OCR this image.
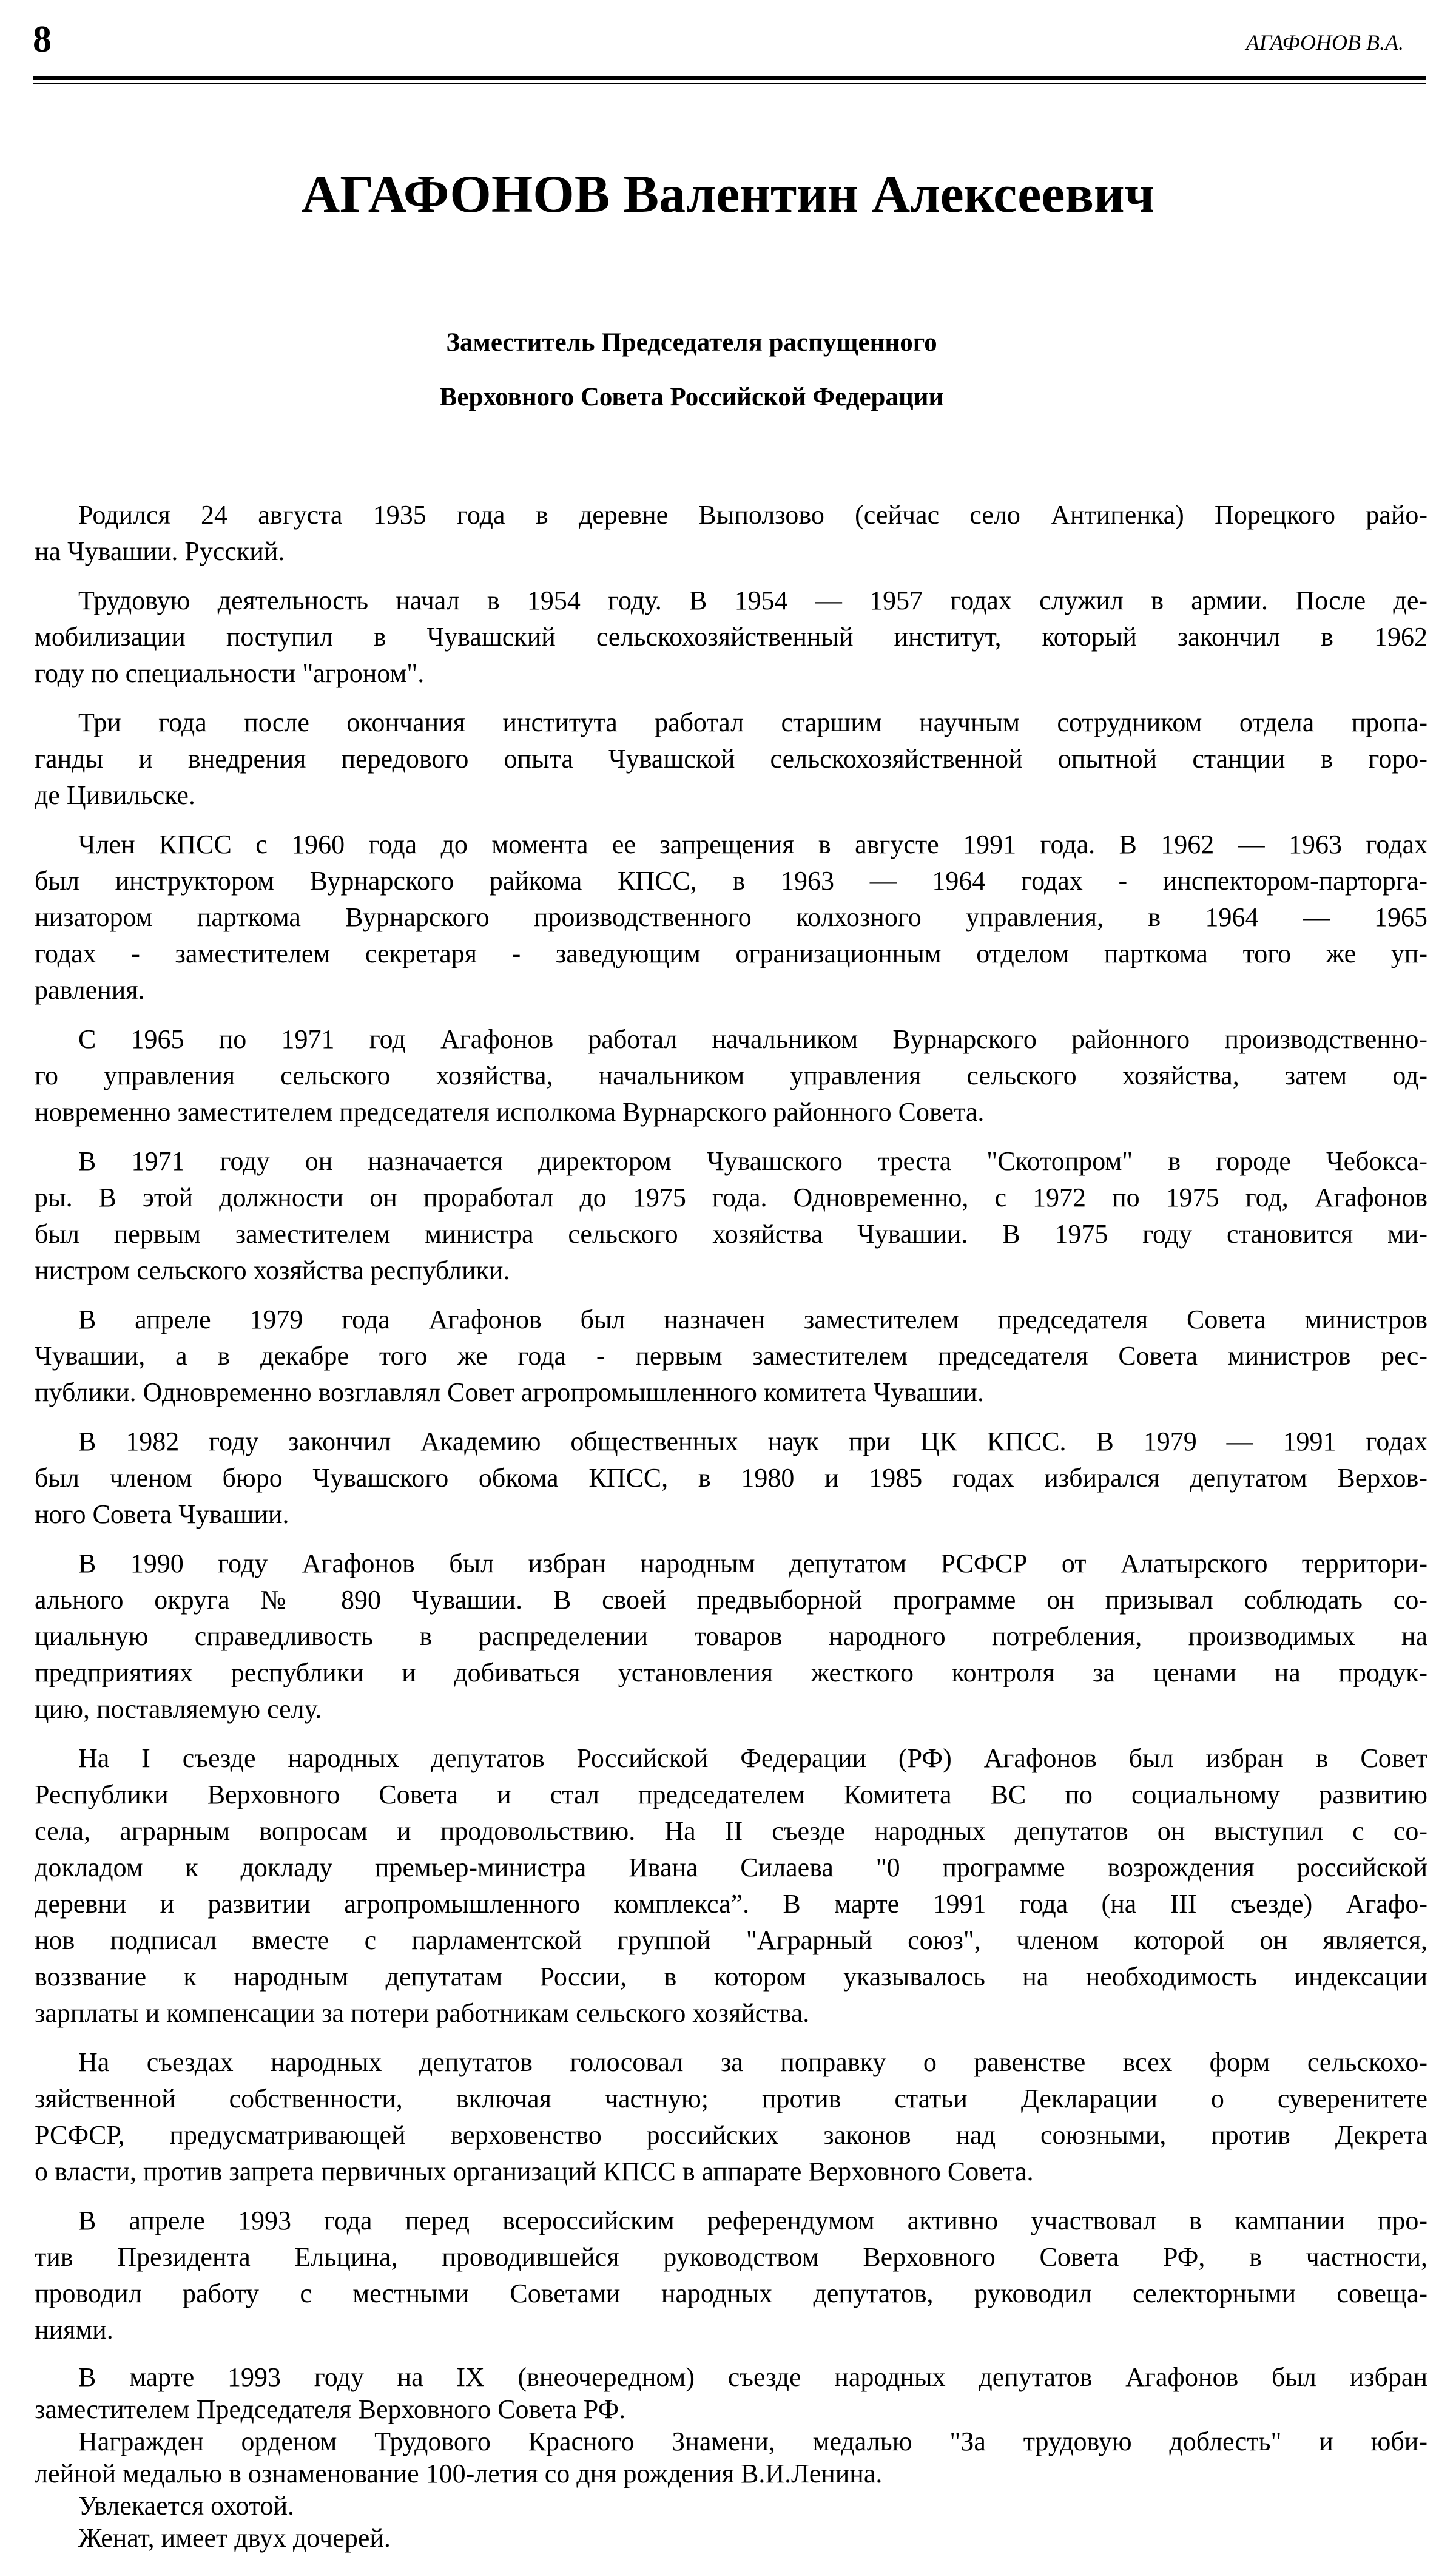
8	АГАФОНОВ В.А.
АГАФОНОВ Валентин Алексеевич
Заместитель Председателя распущенного
Верховного Совета Российской Федерации
Родился 24 августа 1935 года в деревне Выползово (сейчас село Антипенка) Порецкого райо-
на Чувашии. Русский.
Трудовую деятельность начал в 1954 году. В 1954 — 1957 годах служил в армии. После де-
мобилизации поступил в Чувашский сельскохозяйственный институт, который закончил в 1962
году по специальности "агроном".
Три года после окончания института работал старшим научным сотрудником отдела пропа-
ганды и внедрения передового опыта Чувашской сельскохозяйственной опытной станции в горо-
де Цивильске.
Член КПСС с 1960 года до момента ее запрещения в августе 1991 года. В 1962 — 1963 годах
был инструктором Вурнарского райкома КПСС, в 1963 — 1964 годах - инспектором-парторга-
низатором парткома Вурнарского производственного колхозного управления, в 1964 — 1965
годах - заместителем секретаря - заведующим огранизационным отделом парткома того же уп-
равления.
С 1965 по 1971 год Агафонов работал начальником Вурнарского районного производственно-
го управления сельского хозяйства, начальником управления сельского хозяйства, затем од-
новременно заместителем председателя исполкома Вурнарского районного Совета.
В 1971 году он назначается директором Чувашского треста "Скотопром" в городе Чебокса-
ры. В этой должности он проработал до 1975 года. Одновременно, с 1972 по 1975 год, Агафонов
был первым заместителем министра сельского хозяйства Чувашии. В 1975 году становится ми-
нистром сельского хозяйства республики.
В апреле 1979 года Агафонов был назначен заместителем председателя Совета министров
Чувашии, а в декабре того же года - первым заместителем председателя Совета министров рес-
публики. Одновременно возглавлял Совет агропромышленного комитета Чувашии.
В 1982 году закончил Академию общественных наук при ЦК КПСС. В 1979 — 1991 годах
был членом бюро Чувашского обкома КПСС, в 1980 и 1985 годах избирался депутатом Верхов-
ного Совета Чувашии.
В 1990 году Агафонов был избран народным депутатом РСФСР от Алатырского территори-
ального округа № 890 Чувашии. В своей предвыборной программе он призывал соблюдать со-
циальную справедливость в распределении товаров народного потребления, производимых на
предприятиях республики и добиваться установления жесткого контроля за ценами на продук-
цию, поставляемую селу.
На I съезде народных депутатов Российской Федерации (РФ) Агафонов был избран в Совет
Республики Верховного Совета и стал председателем Комитета ВС по социальному развитию
села, аграрным вопросам и продовольствию. На II съезде народных депутатов он выступил с со-
докладом к докладу премьер-министра Ивана Силаева "0 программе возрождения российской
деревни и развитии агропромышленного комплекса”. В марте 1991 года (на III съезде) Агафо-
нов подписал вместе с парламентской группой "Аграрный союз", членом которой он является,
воззвание к народным депутатам России, в котором указывалось на необходимость индексации
зарплаты и компенсации за потери работникам сельского хозяйства.
На съездах народных депутатов голосовал за поправку о равенстве всех форм сельскохо-
зяйственной собственности, включая частную; против статьи Декларации о суверенитете
РСФСР, предусматривающей верховенство российских законов над союзными, против Декрета
о власти, против запрета первичных организаций КПСС в аппарате Верховного Совета.
В апреле 1993 года перед всероссийским референдумом активно участвовал в кампании про-
тив Президента Ельцина, проводившейся руководством Верховного Совета РФ, в частности,
проводил работу с местными Советами народных депутатов, руководил селекторными совеща-
ниями.
В марте 1993 году на IX (внеочередном) съезде народных депутатов Агафонов был избран
заместителем Председателя Верховного Совета РФ.
Награжден орденом Трудового Красного Знамени, медалью "За трудовую доблесть" и юби-
лейной медалью в ознаменование 100-летия со дня рождения В.И.Ленина.
Увлекается охотой.
Женат, имеет двух дочерей.
